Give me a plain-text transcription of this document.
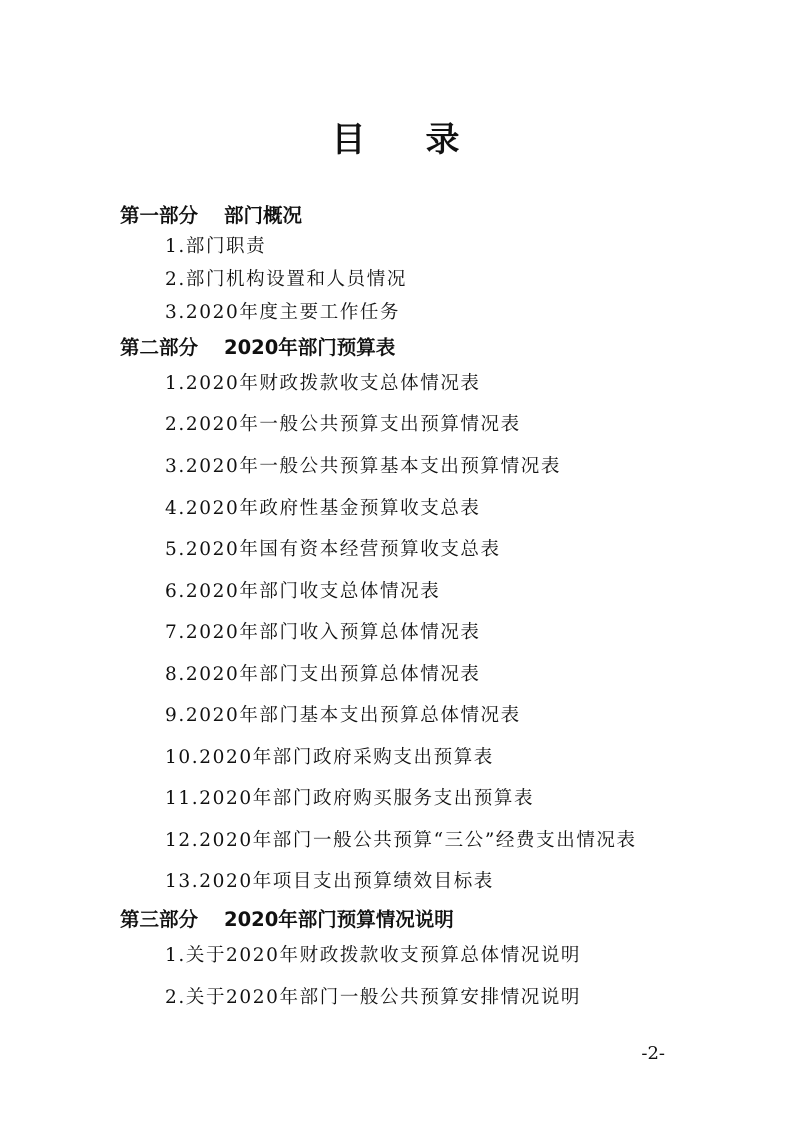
目 录
第一部分 部门概况
1.部门职责
2.部门机构设置和人员情况
3.2020年度主要工作任务
第二部分 2020年部门预算表
1.2020年财政拨款收支总体情况表
2.2020年一般公共预算支出预算情况表
3.2020年一般公共预算基本支出预算情况表
4.2020年政府性基金预算收支总表
5.2020年国有资本经营预算收支总表
6.2020年部门收支总体情况表
7.2020年部门收入预算总体情况表
8.2020年部门支出预算总体情况表
9.2020年部门基本支出预算总体情况表
10.2020年部门政府采购支出预算表
11.2020年部门政府购买服务支出预算表
12.2020年部门一般公共预算“三公”经费支出情况表
13.2020年项目支出预算绩效目标表
第三部分 2020年部门预算情况说明
1.关于2020年财政拨款收支预算总体情况说明
2.关于2020年部门一般公共预算安排情况说明
-2-
